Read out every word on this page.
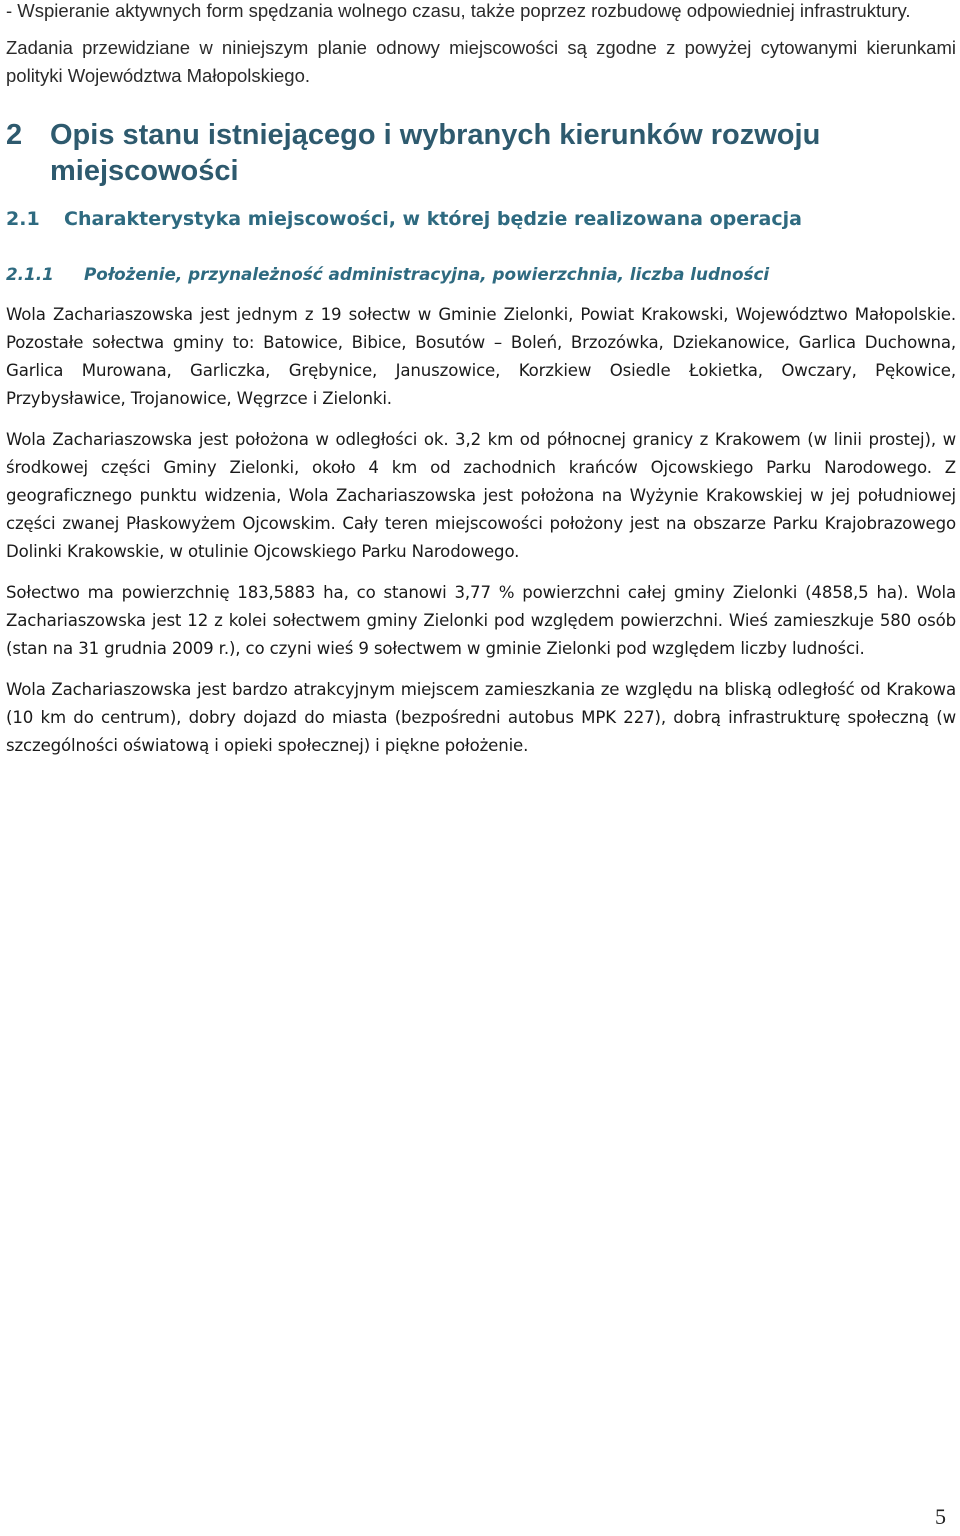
- Wspieranie aktywnych form spędzania wolnego czasu, także poprzez rozbudowę odpowiedniej infrastruktury.

Zadania przewidziane w niniejszym planie odnowy miejscowości są zgodne z powyżej cytowanymi kierunkami polityki Województwa Małopolskiego.

2 Opis stanu istniejącego i wybranych kierunków rozwoju miejscowości
2.1	Charakterystyka miejscowości, w której będzie realizowana operacja
2.1.1	Położenie, przynależność administracyjna, powierzchnia, liczba ludności

Wola Zachariaszowska jest jednym z 19 sołectw w Gminie Zielonki, Powiat Krakowski, Województwo Małopolskie. Pozostałe sołectwa gminy to: Batowice, Bibice, Bosutów – Boleń, Brzozówka, Dziekanowice, Garlica Duchowna, Garlica Murowana, Garliczka, Grębynice, Januszowice, Korzkiew Osiedle Łokietka, Owczary, Pękowice, Przybysławice, Trojanowice, Węgrzce i Zielonki.

Wola Zachariaszowska jest położona w odległości ok. 3,2 km od północnej granicy z Krakowem (w linii prostej), w środkowej części Gminy Zielonki, około 4 km od zachodnich krańców Ojcowskiego Parku Narodowego. Z geograficznego punktu widzenia, Wola Zachariaszowska jest położona na Wyżynie Krakowskiej w jej południowej części zwanej Płaskowyżem Ojcowskim. Cały teren miejscowości położony jest na obszarze Parku Krajobrazowego Dolinki Krakowskie, w otulinie Ojcowskiego Parku Narodowego.

Sołectwo ma powierzchnię 183,5883 ha, co stanowi 3,77 % powierzchni całej gminy Zielonki (4858,5 ha). Wola Zachariaszowska jest 12 z kolei sołectwem gminy Zielonki pod względem powierzchni. Wieś zamieszkuje 580 osób (stan na 31 grudnia 2009 r.), co czyni wieś 9 sołectwem w gminie Zielonki pod względem liczby ludności.

Wola Zachariaszowska jest bardzo atrakcyjnym miejscem zamieszkania ze względu na bliską odległość od Krakowa (10 km do centrum), dobry dojazd do miasta (bezpośredni autobus MPK 227), dobrą infrastrukturę społeczną (w szczególności oświatową i opieki społecznej) i piękne położenie.

5
